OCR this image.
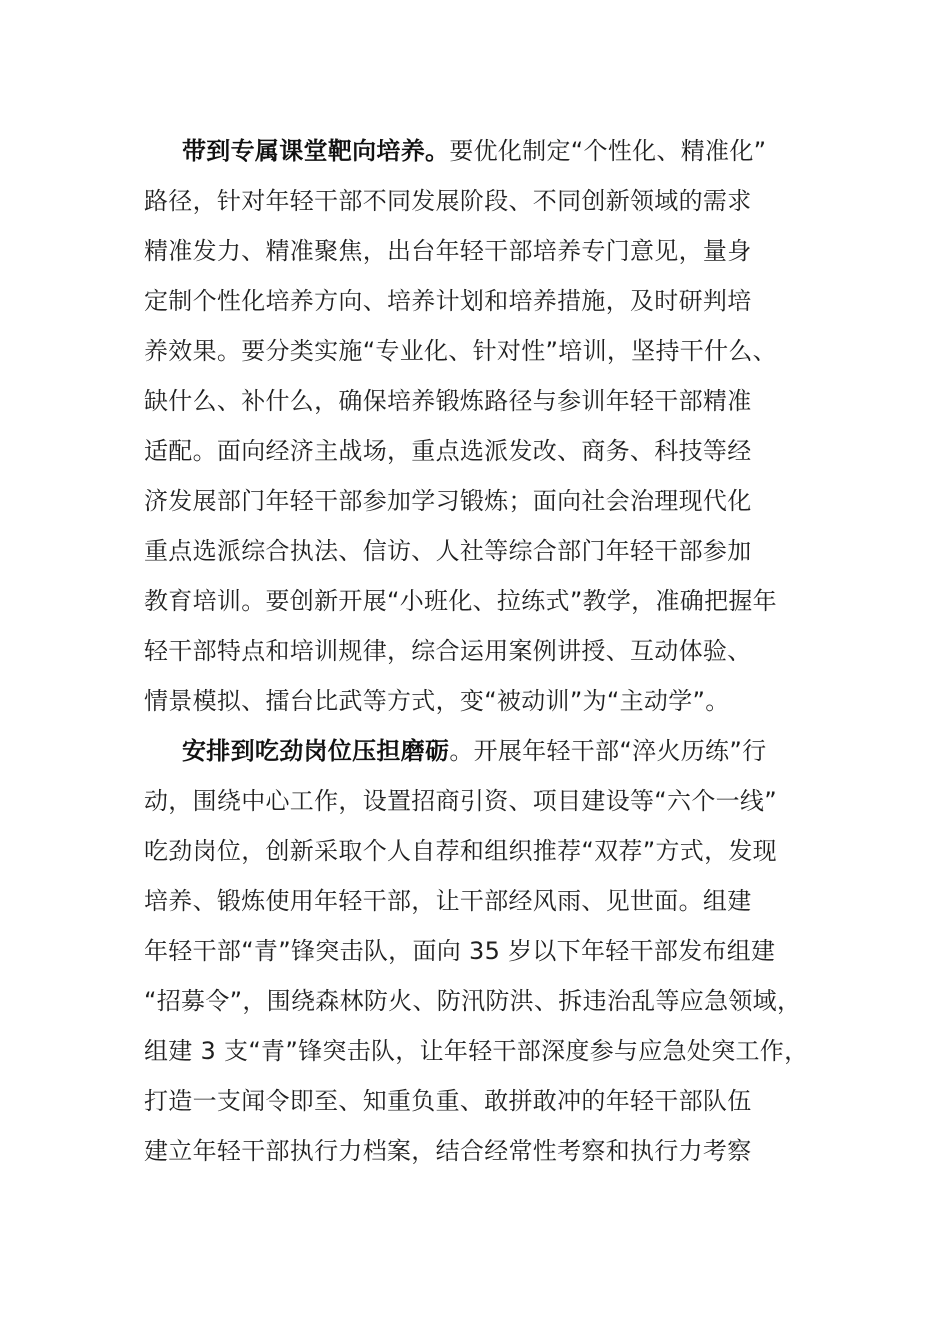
带到专属课堂靶向培养。要优化制定“个性化、精准化”
路径，针对年轻干部不同发展阶段、不同创新领域的需求
精准发力、精准聚焦，出台年轻干部培养专门意见，量身
定制个性化培养方向、培养计划和培养措施，及时研判培
养效果。要分类实施“专业化、针对性”培训，坚持干什么、
缺什么、补什么，确保培养锻炼路径与参训年轻干部精准
适配。面向经济主战场，重点选派发改、商务、科技等经
济发展部门年轻干部参加学习锻炼；面向社会治理现代化
重点选派综合执法、信访、人社等综合部门年轻干部参加
教育培训。要创新开展“小班化、拉练式”教学，准确把握年
轻干部特点和培训规律，综合运用案例讲授、互动体验、
情景模拟、擂台比武等方式，变“被动训”为“主动学”。
安排到吃劲岗位压担磨砺。开展年轻干部“淬火历练”行
动，围绕中心工作，设置招商引资、项目建设等“六个一线”
吃劲岗位，创新采取个人自荐和组织推荐“双荐”方式，发现
培养、锻炼使用年轻干部，让干部经风雨、见世面。组建
年轻干部“青”锋突击队，面向 35 岁以下年轻干部发布组建
“招募令”，围绕森林防火、防汛防洪、拆违治乱等应急领域，
组建 3 支“青”锋突击队，让年轻干部深度参与应急处突工作，
打造一支闻令即至、知重负重、敢拼敢冲的年轻干部队伍
建立年轻干部执行力档案，结合经常性考察和执行力考察
